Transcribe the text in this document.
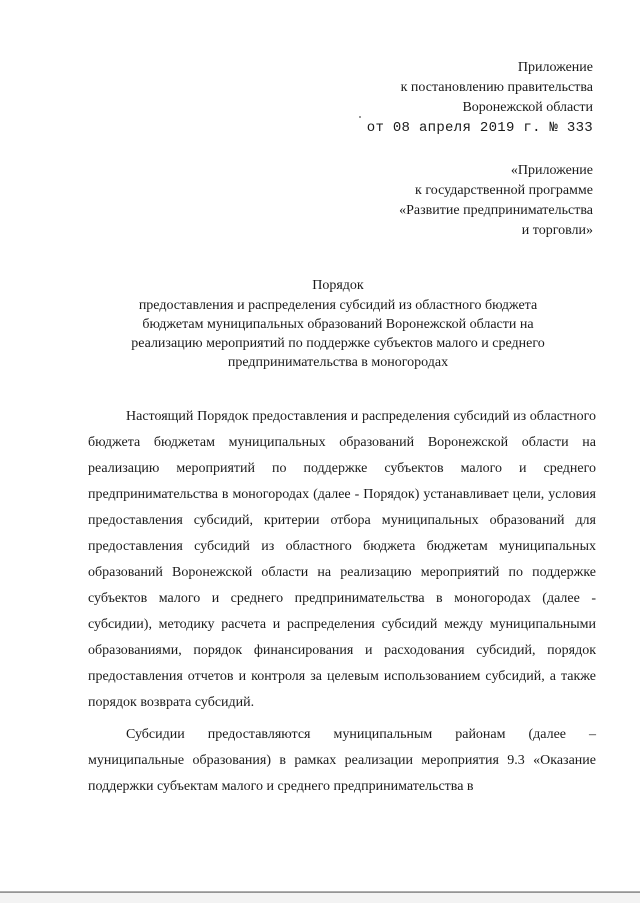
Приложение
к постановлению правительства
Воронежской области
от 08 апреля 2019 г. № 333
«Приложение
к государственной программе
«Развитие предпринимательства
и торговли»
Порядок
предоставления и распределения субсидий из областного бюджета
бюджетам муниципальных образований Воронежской области на
реализацию мероприятий по поддержке субъектов малого и среднего
предпринимательства в моногородах

Настоящий Порядок предоставления и распределения субсидий из областного бюджета бюджетам муниципальных образований Воронежской области на реализацию мероприятий по поддержке субъектов малого и среднего предпринимательства в моногородах (далее - Порядок) устанавливает цели, условия предоставления субсидий, критерии отбора муниципальных образований для предоставления субсидий из областного бюджета бюджетам муниципальных образований Воронежской области на реализацию мероприятий по поддержке субъектов малого и среднего предпринимательства в моногородах (далее - субсидии), методику расчета и распределения субсидий между муниципальными образованиями, порядок финансирования и расходования субсидий, порядок предоставления отчетов и контроля за целевым использованием субсидий, а также порядок возврата субсидий.

Субсидии предоставляются муниципальным районам (далее – муниципальные образования) в рамках реализации мероприятия 9.3 «Оказание поддержки субъектам малого и среднего предпринимательства в
